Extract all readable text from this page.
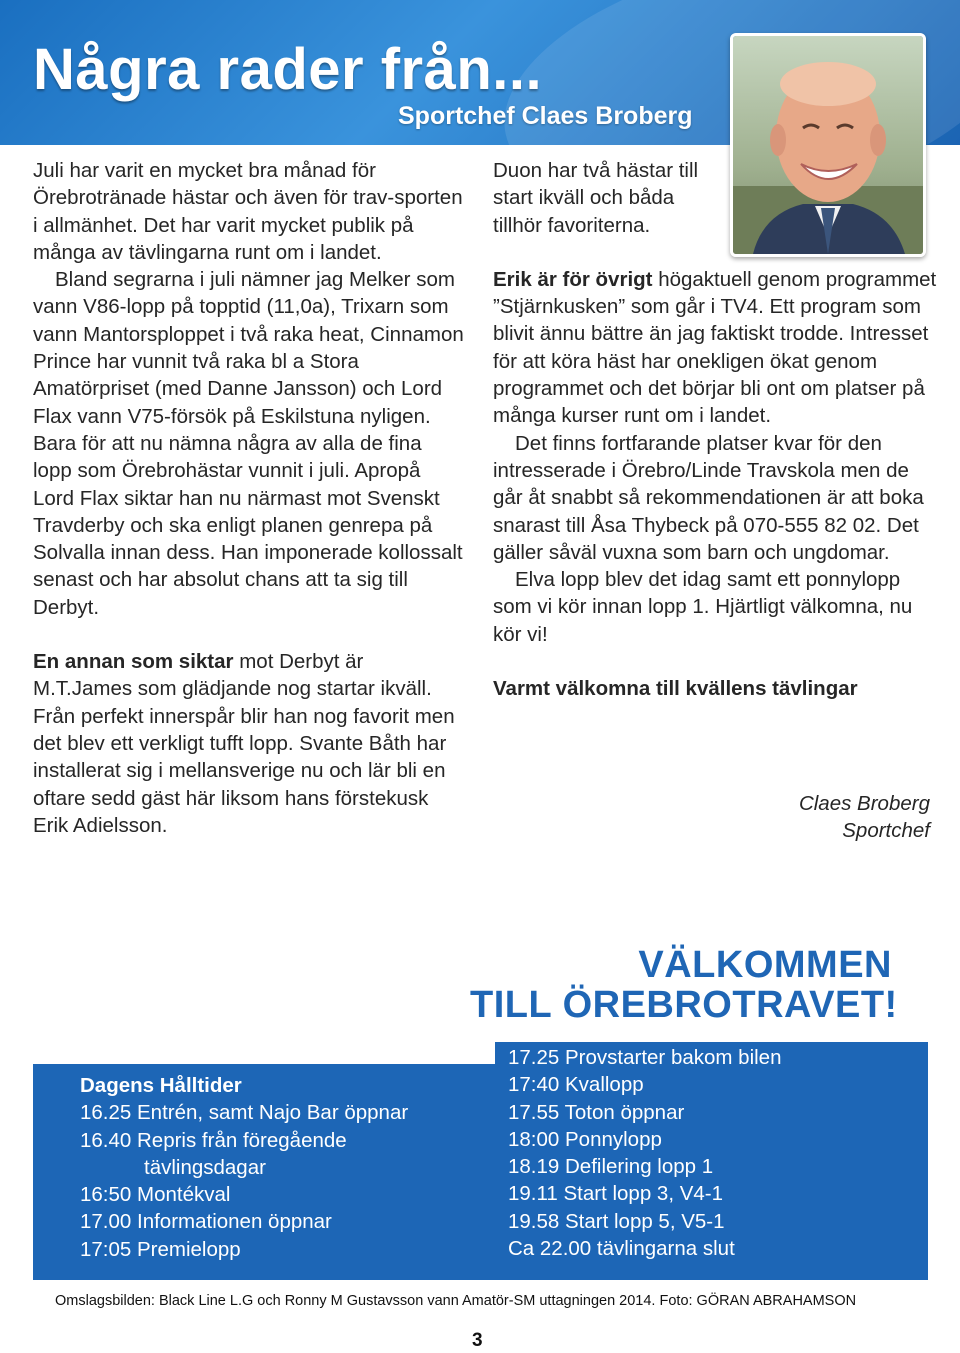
Några rader från...
Sportchef Claes Broberg

Juli har varit en mycket bra månad för Örebrotränade hästar och även för trav-sporten i allmänhet. Det har varit mycket publik på många av tävlingarna runt om i landet.

Bland segrarna i juli nämner jag Melker som vann V86-lopp på topptid (11,0a), Trixarn som vann Mantorsploppet i två raka heat, Cinnamon Prince har vunnit två raka bl a Stora Amatörpriset (med Danne Jansson) och Lord Flax vann V75-försök på Eskilstuna nyligen. Bara för att nu nämna några av alla de fina lopp som Örebrohästar vunnit i juli. Apropå Lord Flax siktar han nu närmast mot Svenskt Travderby och ska enligt planen genrepa på Solvalla innan dess. Han imponerade kollossalt senast och har absolut chans att ta sig till Derbyt.

En annan som siktar mot Derbyt är M.T.James som glädjande nog startar ikväll. Från perfekt innerspår blir han nog favorit men det blev ett verkligt tufft lopp. Svante Båth har installerat sig i mellansverige nu och lär bli en oftare sedd gäst här liksom hans förstekusk Erik Adielsson.

Duon har två hästar till start ikväll och båda tillhör favoriterna.

Erik är för övrigt högaktuell genom programmet ”Stjärnkusken” som går i TV4. Ett program som blivit ännu bättre än jag faktiskt trodde. Intresset för att köra häst har onekligen ökat genom programmet och det börjar bli ont om platser på många kurser runt om i landet.

Det finns fortfarande platser kvar för den intresserade i Örebro/Linde Travskola men de går åt snabbt så rekommendationen är att boka snarast till Åsa Thybeck på 070-555 82 02. Det gäller såväl vuxna som barn och ungdomar.

Elva lopp blev det idag samt ett ponnylopp som vi kör innan lopp 1. Hjärtligt välkomna, nu kör vi!

Varmt välkomna till kvällens tävlingar

Claes Broberg

Sportchef

VÄLKOMMEN

TILL ÖREBROTRAVET!

Dagens Hålltider

16.25 Entrén, samt Najo Bar öppnar

16.40 Repris från föregående

tävlingsdagar

16:50 Montékval

17.00 Informationen öppnar

17:05 Premielopp

17.25 Provstarter bakom bilen

17:40 Kvallopp

17.55 Toton öppnar

18:00 Ponnylopp

18.19 Defilering lopp 1

19.11 Start lopp 3, V4-1

19.58 Start lopp 5, V5-1

Ca 22.00 tävlingarna slut

Omslagsbilden: Black Line L.G och Ronny M Gustavsson vann Amatör-SM uttagningen 2014. Foto: GÖRAN ABRAHAMSON
3
